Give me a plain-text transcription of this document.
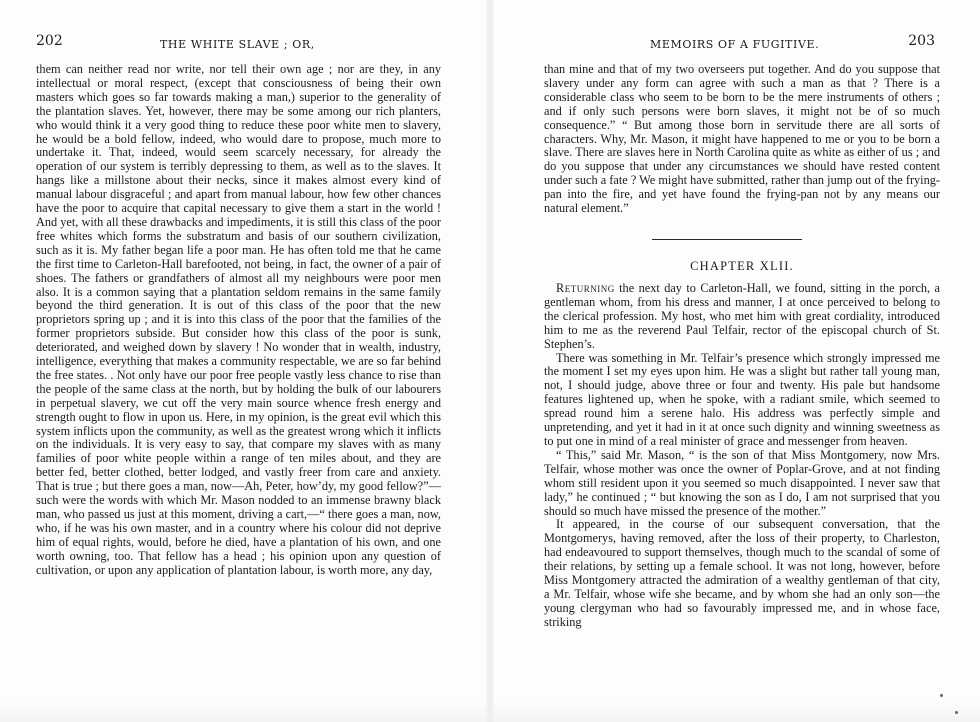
202	THE WHITE SLAVE ; OR,

them can neither read nor write, nor tell their own age ; nor are they, in any intellectual or moral respect, (except that consciousness of being their own masters which goes so far towards making a man,) superior to the generality of the plantation slaves. Yet, however, there may be some among our rich planters, who would think it a very good thing to reduce these poor white men to slavery, he would be a bold fellow, indeed, who would dare to propose, much more to undertake it. That, indeed, would seem scarcely necessary, for already the operation of our system is terribly depressing to them, as well as to the slaves. It hangs like a millstone about their necks, since it makes almost every kind of manual labour disgraceful ; and apart from manual labour, how few other chances have the poor to acquire that capital necessary to give them a start in the world ! And yet, with all these drawbacks and impediments, it is still this class of the poor free whites which forms the substratum and basis of our southern civilization, such as it is. My father began life a poor man. He has often told me that he came the first time to Carleton-Hall barefooted, not being, in fact, the owner of a pair of shoes. The fathers or grandfathers of almost all my neighbours were poor men also. It is a common saying that a plantation seldom remains in the same family beyond the third generation. It is out of this class of the poor that the new proprietors spring up ; and it is into this class of the poor that the families of the former proprietors subside. But consider how this class of the poor is sunk, deteriorated, and weighed down by slavery ! No wonder that in wealth, industry, intelligence, everything that makes a community respectable, we are so far behind the free states. . Not only have our poor free people vastly less chance to rise than the people of the same class at the north, but by holding the bulk of our labourers in perpetual slavery, we cut off the very main source whence fresh energy and strength ought to flow in upon us. Here, in my opinion, is the great evil which this system inflicts upon the community, as well as the greatest wrong which it inflicts on the individuals. It is very easy to say, that compare my slaves with as many families of poor white people within a range of ten miles about, and they are better fed, better clothed, better lodged, and vastly freer from care and anxiety. That is true ; but there goes a man, now—Ah, Peter, how’dy, my good fellow?”—such were the words with which Mr. Mason nodded to an immense brawny black man, who passed us just at this moment, driving a cart,—“ there goes a man, now, who, if he was his own master, and in a country where his colour did not deprive him of equal rights, would, before he died, have a plantation of his own, and one worth owning, too. That fellow has a head ; his opinion upon any question of cultivation, or upon any application of plantation labour, is worth more, any day,

MEMOIRS OF A FUGITIVE.	203

than mine and that of my two overseers put together. And do you suppose that slavery under any form can agree with such a man as that ? There is a considerable class who seem to be born to be the mere instruments of others ; and if only such persons were born slaves, it might not be of so much consequence.” “ But among those born in servitude there are all sorts of characters. Why, Mr. Mason, it might have happened to me or you to be born a slave. There are slaves here in North Carolina quite as white as either of us ; and do you suppose that under any circumstances we should have rested content under such a fate ? We might have submitted, rather than jump out of the frying-pan into the fire, and yet have found the frying-pan not by any means our natural element.”

CHAPTER XLII.

Returning the next day to Carleton-Hall, we found, sitting in the porch, a gentleman whom, from his dress and manner, I at once perceived to belong to the clerical profession. My host, who met him with great cordiality, introduced him to me as the reverend Paul Telfair, rector of the episcopal church of St. Stephen’s.

There was something in Mr. Telfair’s presence which strongly impressed me the moment I set my eyes upon him. He was a slight but rather tall young man, not, I should judge, above three or four and twenty. His pale but handsome features lightened up, when he spoke, with a radiant smile, which seemed to spread round him a serene halo. His address was perfectly simple and unpretending, and yet it had in it at once such dignity and winning sweetness as to put one in mind of a real minister of grace and messenger from heaven.

“ This,” said Mr. Mason, “ is the son of that Miss Montgomery, now Mrs. Telfair, whose mother was once the owner of Poplar-Grove, and at not finding whom still resident upon it you seemed so much disappointed. I never saw that lady,” he continued ; “ but knowing the son as I do, I am not surprised that you should so much have missed the presence of the mother.”

It appeared, in the course of our subsequent conversation, that the Montgomerys, having removed, after the loss of their property, to Charleston, had endeavoured to support themselves, though much to the scandal of some of their relations, by setting up a female school. It was not long, however, before Miss Montgomery attracted the admiration of a wealthy gentleman of that city, a Mr. Telfair, whose wife she became, and by whom she had an only son—the young clergyman who had so favourably impressed me, and in whose face, striking
